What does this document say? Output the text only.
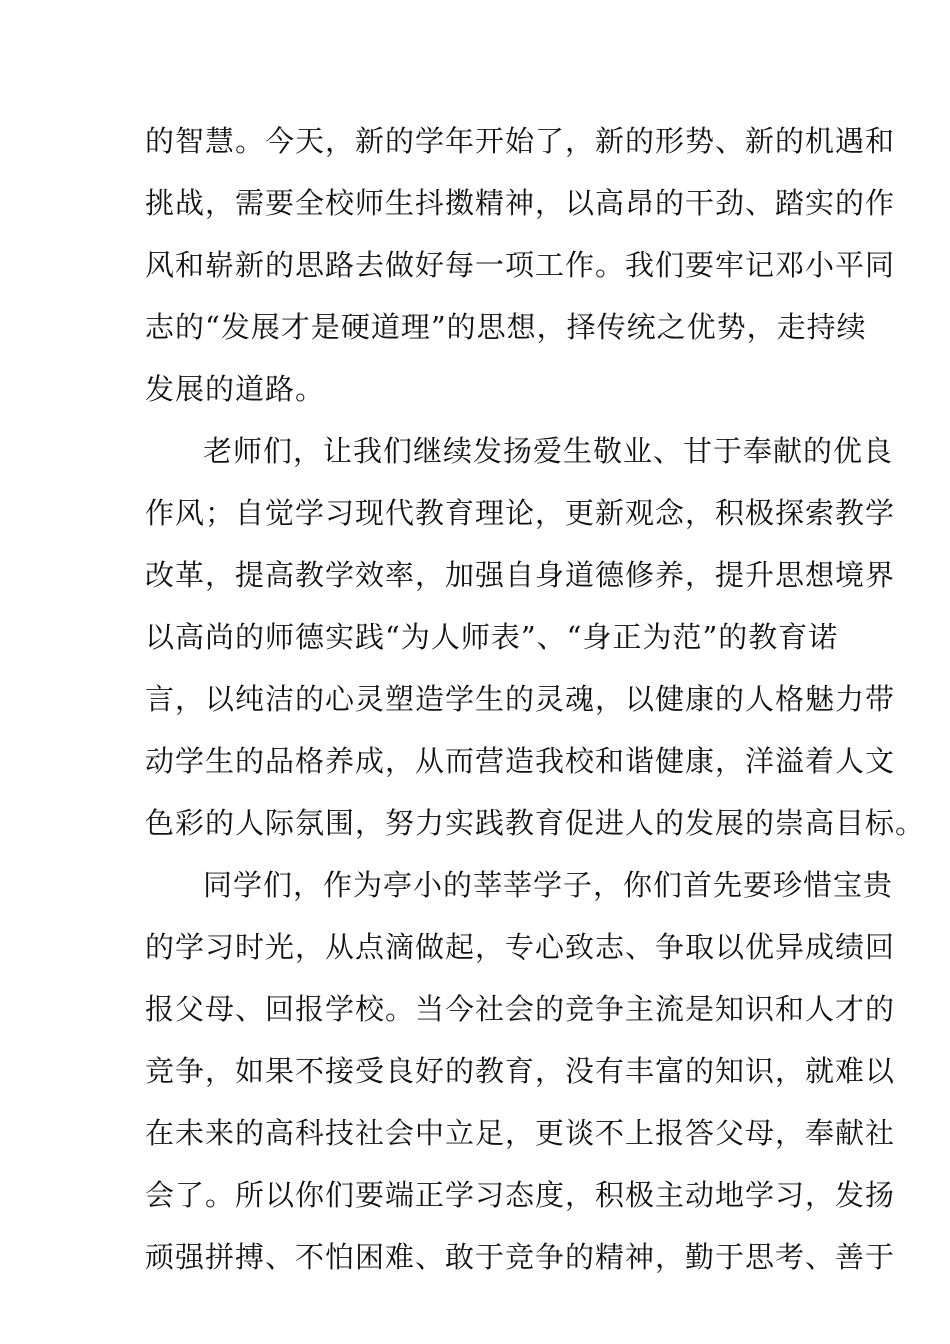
的智慧。今天，新的学年开始了，新的形势、新的机遇和
挑战，需要全校师生抖擞精神，以高昂的干劲、踏实的作
风和崭新的思路去做好每一项工作。我们要牢记邓小平同
志的“发展才是硬道理”的思想，择传统之优势，走持续
发展的道路。
老师们，让我们继续发扬爱生敬业、甘于奉献的优良
作风；自觉学习现代教育理论，更新观念，积极探索教学
改革，提高教学效率，加强自身道德修养，提升思想境界
以高尚的师德实践“为人师表”、“身正为范”的教育诺
言，以纯洁的心灵塑造学生的灵魂，以健康的人格魅力带
动学生的品格养成，从而营造我校和谐健康，洋溢着人文
色彩的人际氛围，努力实践教育促进人的发展的崇高目标。
同学们，作为亭小的莘莘学子，你们首先要珍惜宝贵
的学习时光，从点滴做起，专心致志、争取以优异成绩回
报父母、回报学校。当今社会的竞争主流是知识和人才的
竞争，如果不接受良好的教育，没有丰富的知识，就难以
在未来的高科技社会中立足，更谈不上报答父母，奉献社
会了。所以你们要端正学习态度，积极主动地学习，发扬
顽强拼搏、不怕困难、敢于竞争的精神，勤于思考、善于
